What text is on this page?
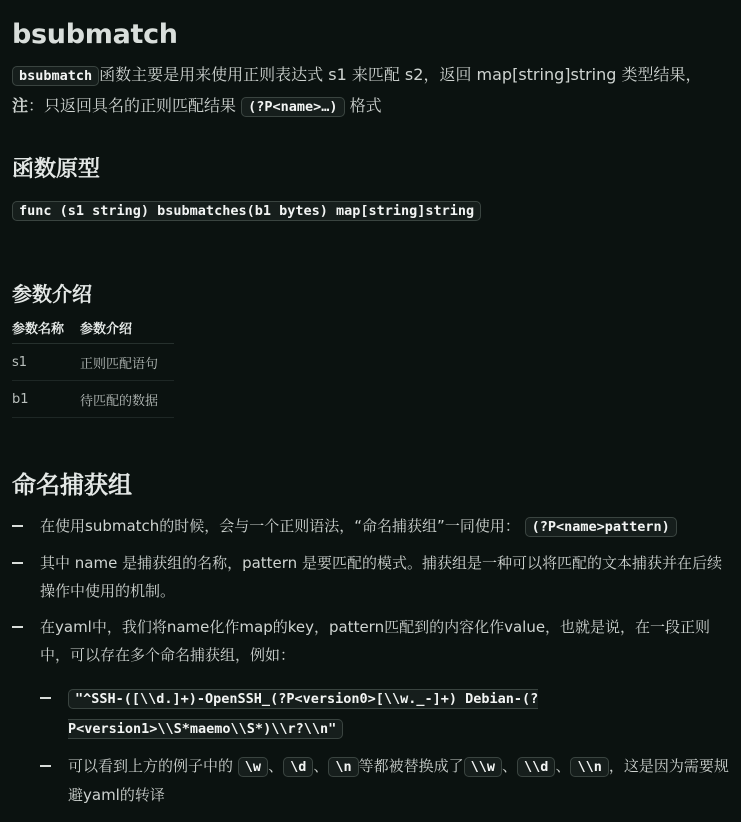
bsubmatch
bsubmatch 函数主要是用来使用正则表达式 s1 来匹配 s2，返回 map[string]string 类型结果，注：只返回具名的正则匹配结果 (?P<name>…) 格式
函数原型
func (s1 string) bsubmatches(b1 bytes) map[string]string
参数介绍
参数名称	参数介绍
s1	正则匹配语句
b1	待匹配的数据
命名捕获组
在使用submatch的时候，会与一个正则语法，“命名捕获组”一同使用： (?P<name>pattern)
其中 name 是捕获组的名称，pattern 是要匹配的模式。捕获组是一种可以将匹配的文本捕获并在后续操作中使用的机制。
在yaml中，我们将name化作map的key，pattern匹配到的内容化作value，也就是说，在一段正则中，可以存在多个命名捕获组，例如：
"^SSH-([\\d.]+)-OpenSSH_(?P<version0>[\\w._-]+) Debian-(?P<version1>\\S*maemo\\S*)\\r?\\n"
可以看到上方的例子中的 \w 、 \d 、 \n 等都被替换成了 \\w 、 \\d 、 \\n ，这是因为需要规避yaml的转译
